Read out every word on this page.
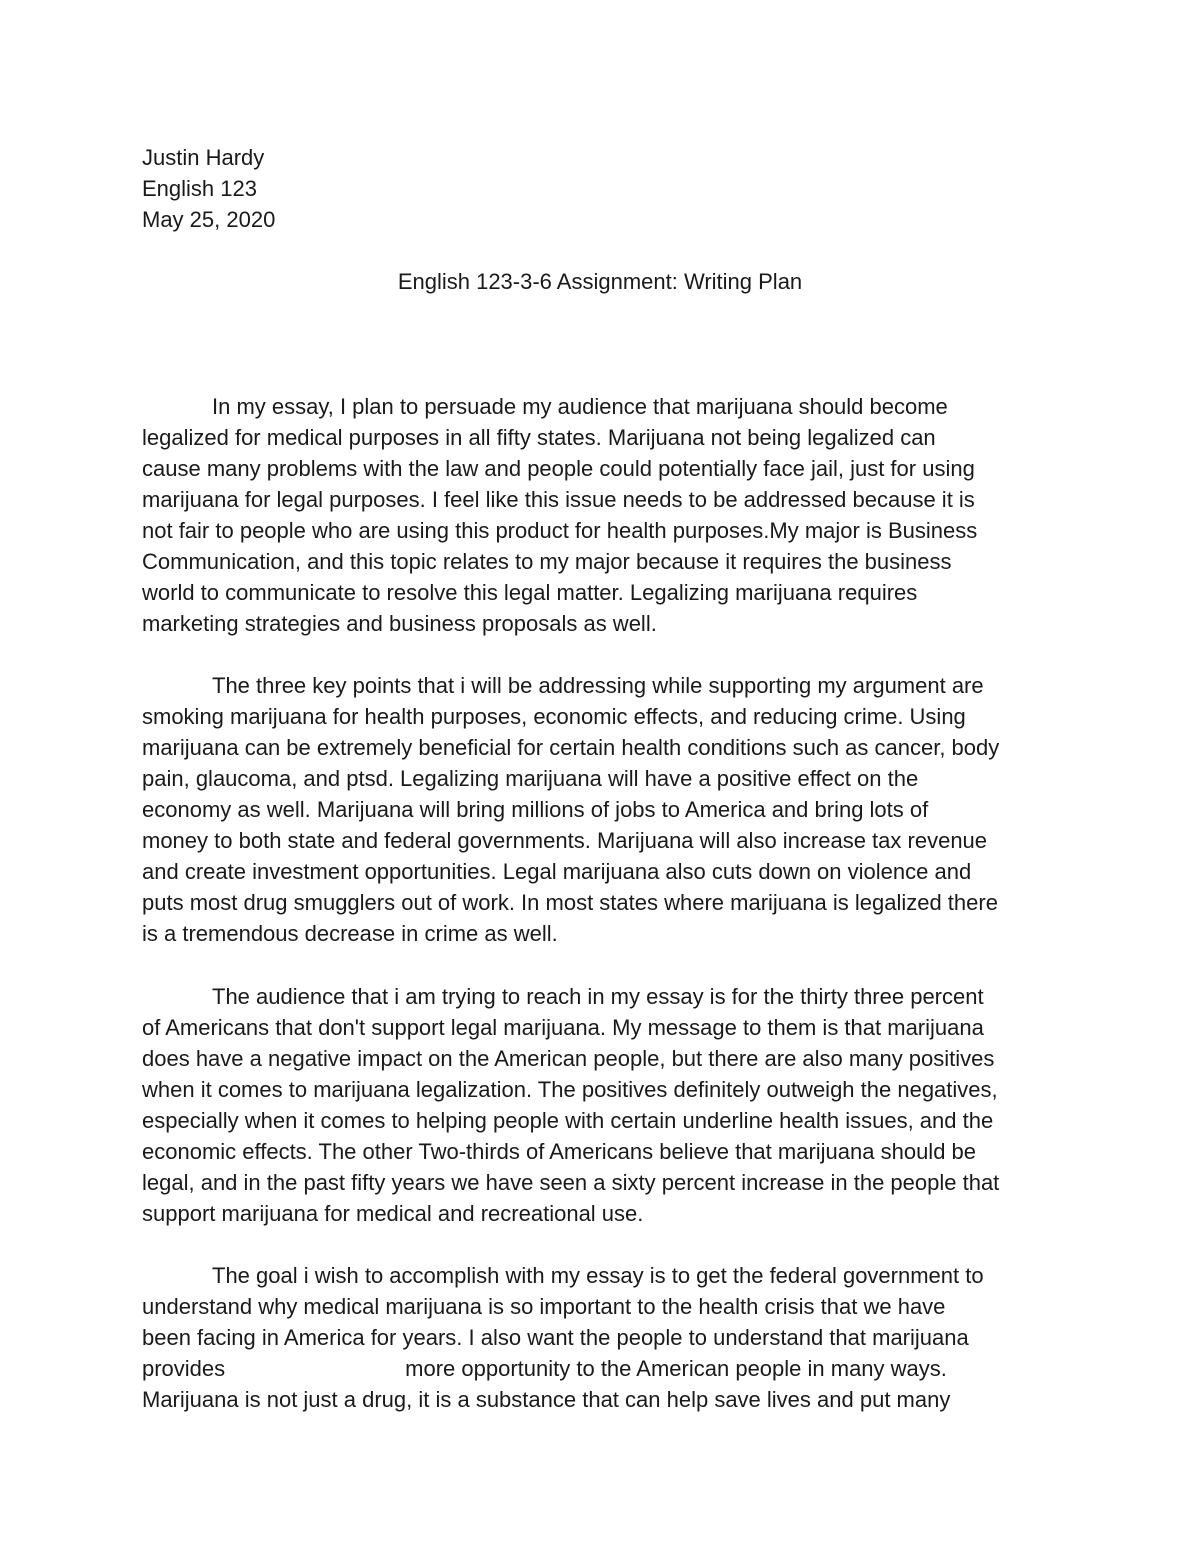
Justin Hardy
English 123
May 25, 2020
English 123-3-6 Assignment: Writing Plan
In my essay, I plan to persuade my audience that marijuana should become
legalized for medical purposes in all fifty states. Marijuana not being legalized can
cause many problems with the law and people could potentially face jail, just for using
marijuana for legal purposes. I feel like this issue needs to be addressed because it is
not fair to people who are using this product for health purposes.My major is Business
Communication, and this topic relates to my major because it requires the business
world to communicate to resolve this legal matter. Legalizing marijuana requires
marketing strategies and business proposals as well.
The three key points that i will be addressing while supporting my argument are
smoking marijuana for health purposes, economic effects, and reducing crime. Using
marijuana can be extremely beneficial for certain health conditions such as cancer, body
pain, glaucoma, and ptsd. Legalizing marijuana will have a positive effect on the
economy as well. Marijuana will bring millions of jobs to America and bring lots of
money to both state and federal governments. Marijuana will also increase tax revenue
and create investment opportunities. Legal marijuana also cuts down on violence and
puts most drug smugglers out of work. In most states where marijuana is legalized there
is a tremendous decrease in crime as well.
The audience that i am trying to reach in my essay is for the thirty three percent
of Americans that don't support legal marijuana. My message to them is that marijuana
does have a negative impact on the American people, but there are also many positives
when it comes to marijuana legalization. The positives definitely outweigh the negatives,
especially when it comes to helping people with certain underline health issues, and the
economic effects. The other Two-thirds of Americans believe that marijuana should be
legal, and in the past fifty years we have seen a sixty percent increase in the people that
support marijuana for medical and recreational use.
The goal i wish to accomplish with my essay is to get the federal government to
understand why medical marijuana is so important to the health crisis that we have
been facing in America for years. I also want the people to understand that marijuana
provides	more opportunity to the American people in many ways.
Marijuana is not just a drug, it is a substance that can help save lives and put many
